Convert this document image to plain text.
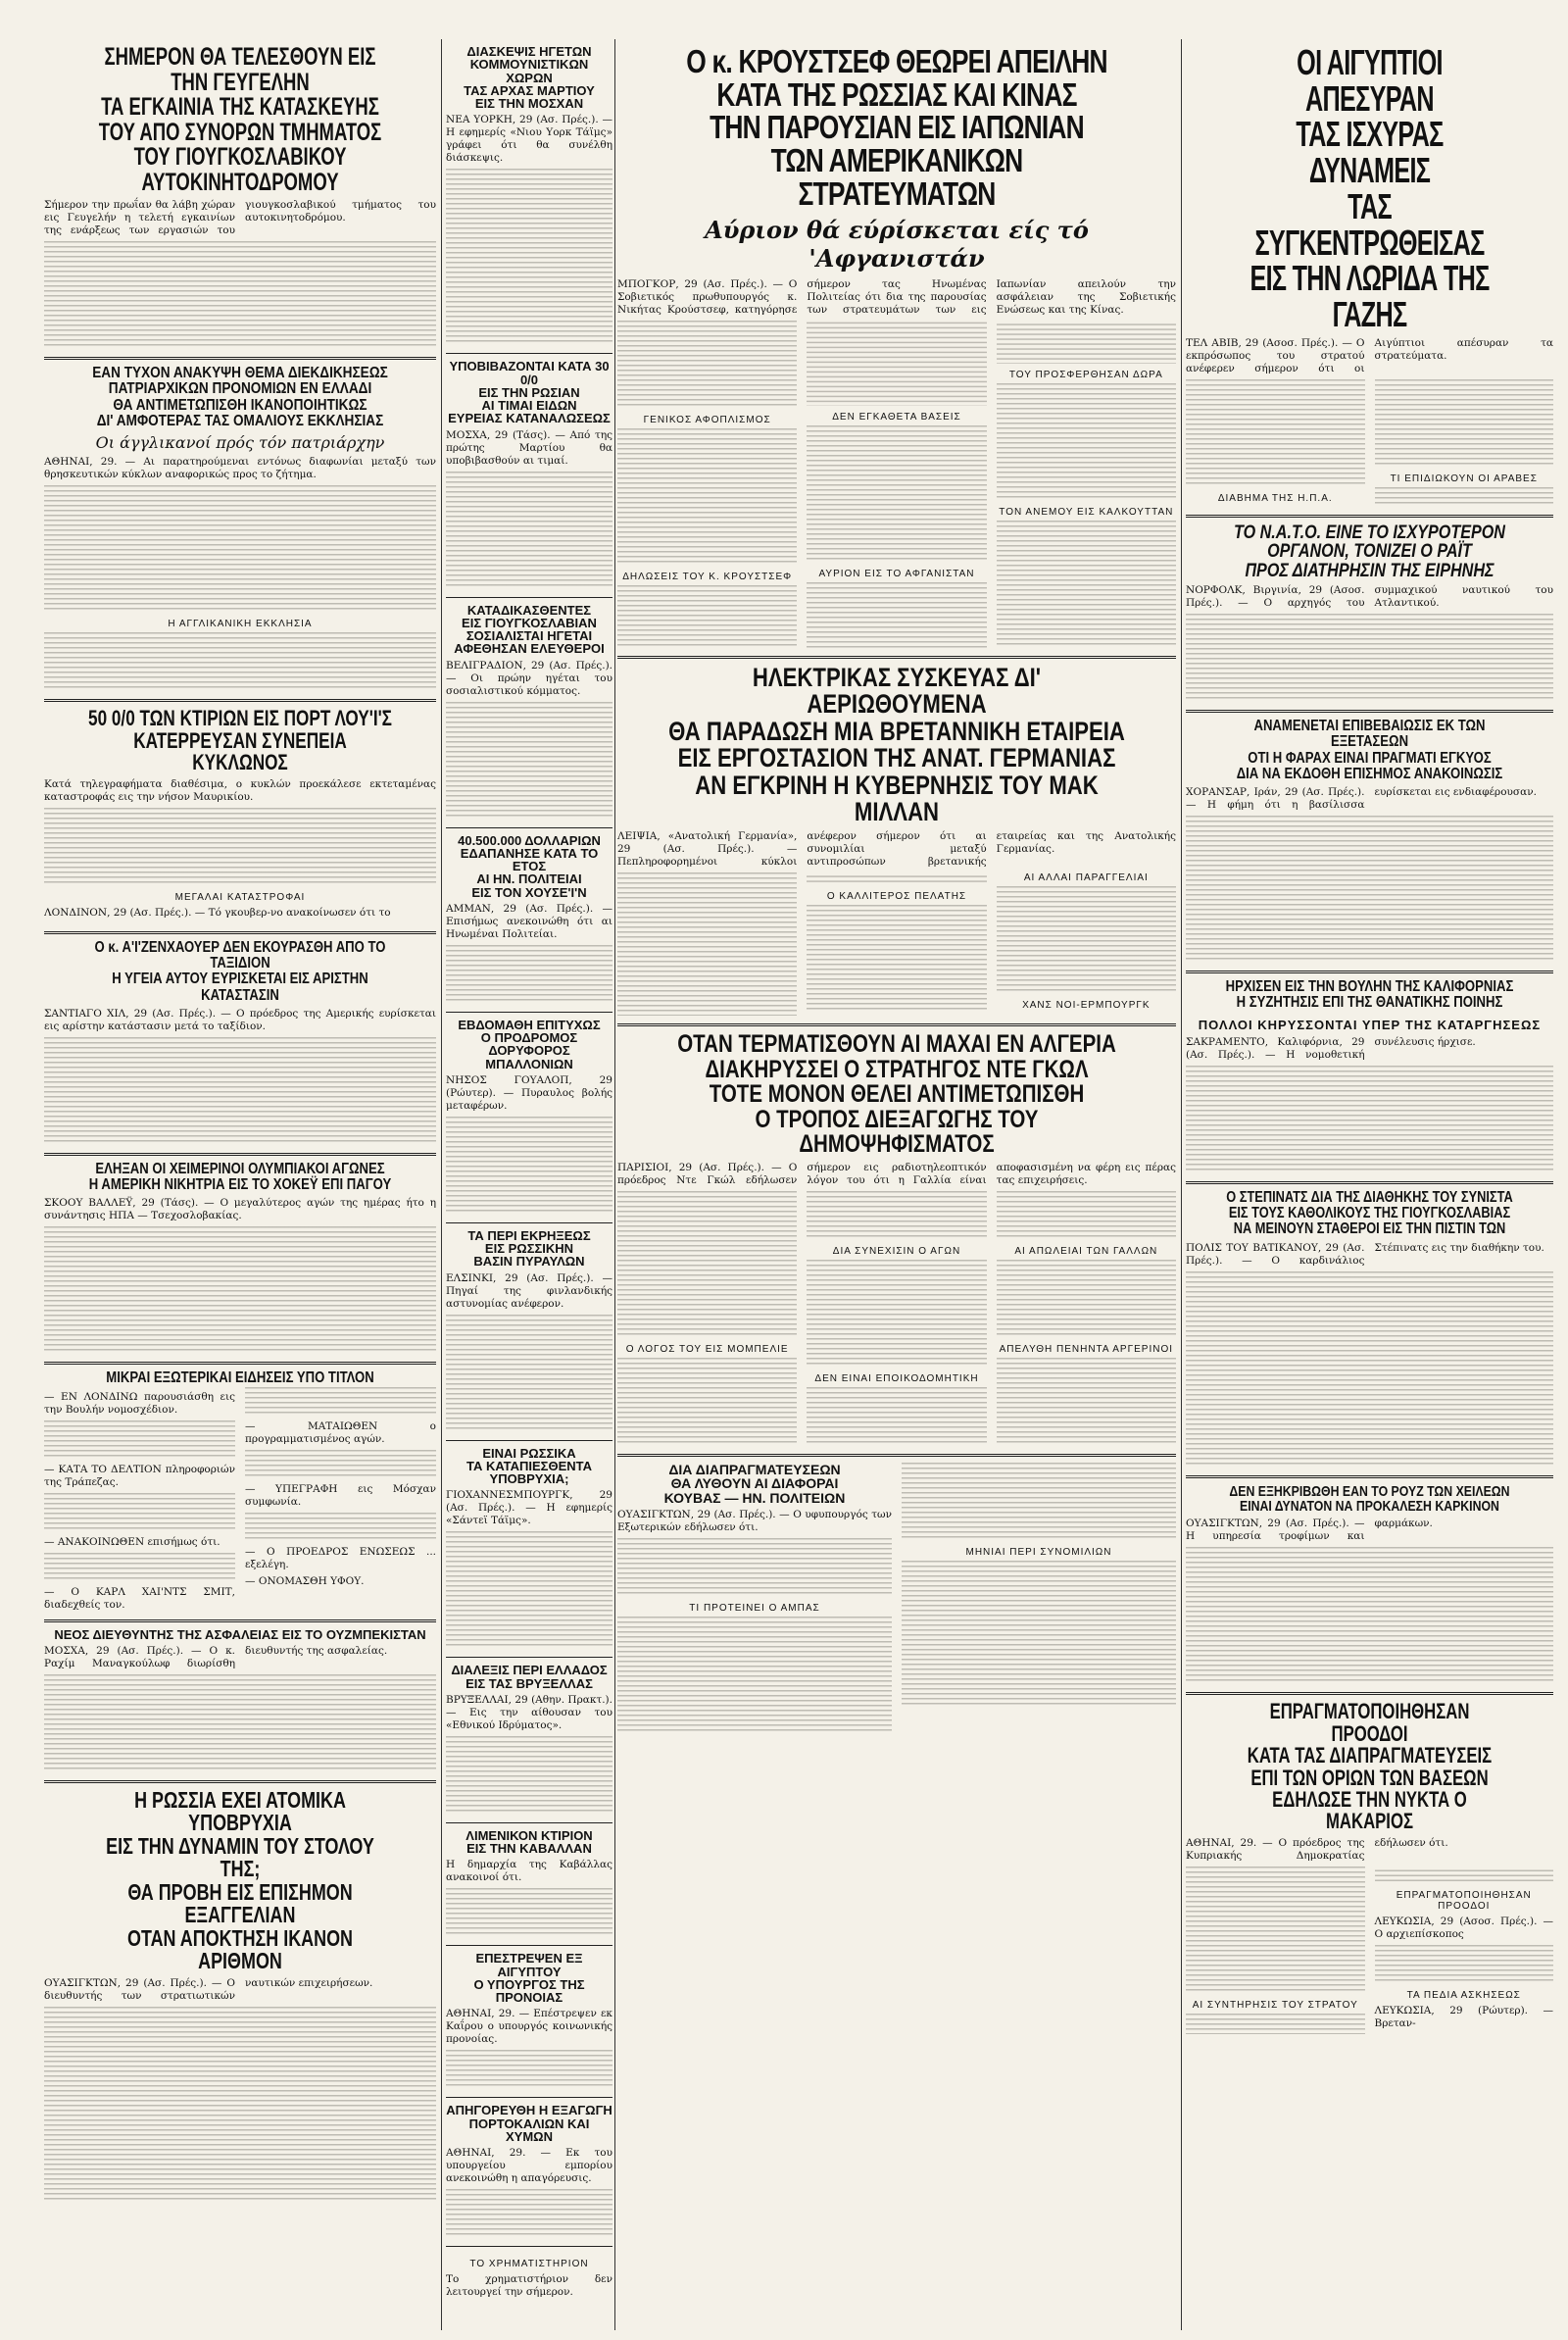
ΣΗΜΕΡΟΝ ΘΑ ΤΕΛΕΣΘΟΥΝ ΕΙΣ ΤΗΝ ΓΕΥΓΕΛΗΝ
ΤΑ ΕΓΚΑΙΝΙΑ ΤΗΣ ΚΑΤΑΣΚΕΥΗΣ
ΤΟΥ ΑΠΟ ΣΥΝΟΡΩΝ ΤΜΗΜΑΤΟΣ
ΤΟΥ ΓΙΟΥΓΚΟΣΛΑΒΙΚΟΥ ΑΥΤΟΚΙΝΗΤΟΔΡΟΜΟΥ

Σήμερον την πρωΐαν θα λάβη χώραν εις Γευγελήν η τελετή εγκαινίων της ενάρξεως των εργασιών του γιουγκοσλαβικού τμήματος του αυτοκινητοδρόμου.

ΕΑΝ ΤΥΧΟΝ ΑΝΑΚΥΨΗ ΘΕΜΑ ΔΙΕΚΔΙΚΗΣΕΩΣ
ΠΑΤΡΙΑΡΧΙΚΩΝ ΠΡΟΝΟΜΙΩΝ ΕΝ ΕΛΛΑΔΙ
ΘΑ ΑΝΤΙΜΕΤΩΠΙΣΘΗ ΙΚΑΝΟΠΟΙΗΤΙΚΩΣ
ΔΙ' ΑΜΦΟΤΕΡΑΣ ΤΑΣ ΟΜΑΛΙΟΥΣ ΕΚΚΛΗΣΙΑΣ
Οι άγγλικανοί πρός τόν πατριάρχην

ΑΘΗΝΑΙ, 29. — Αι παρατηρούμεναι εντόνως διαφωνίαι μεταξύ των θρησκευτικών κύκλων αναφορικώς προς το ζήτημα.

Η ΑΓΓΛΙΚΑΝΙΚΗ ΕΚΚΛΗΣΙΑ
50 0/0 ΤΩΝ ΚΤΙΡΙΩΝ ΕΙΣ ΠΟΡΤ ΛΟΥ'Ι'Σ
ΚΑΤΕΡΡΕΥΣΑΝ ΣΥΝΕΠΕΙΑ ΚΥΚΛΩΝΟΣ

Κατά τηλεγραφήματα διαθέσιμα, ο κυκλών προεκάλεσε εκτεταμένας καταστροφάς εις την νήσον Μαυρικίου.

ΜΕΓΑΛΑΙ ΚΑΤΑΣΤΡΟΦΑΙ

ΛΟΝΔΙΝΟΝ, 29 (Ασ. Πρές.). — Τό γκουβερ-νο ανακοίνωσεν ότι το

Ο κ. Α'Ι'ΖΕΝΧΑΟΥΕΡ ΔΕΝ ΕΚΟΥΡΑΣΘΗ ΑΠΟ ΤΟ ΤΑΞΙΔΙΟΝ
Η ΥΓΕΙΑ ΑΥΤΟΥ ΕΥΡΙΣΚΕΤΑΙ ΕΙΣ ΑΡΙΣΤΗΝ ΚΑΤΑΣΤΑΣΙΝ

ΣΑΝΤΙΑΓΟ ΧΙΛ, 29 (Ασ. Πρές.). — Ο πρόεδρος της Αμερικής ευρίσκεται εις αρίστην κατάστασιν μετά το ταξίδιον.

ΕΛΗΞΑΝ ΟΙ ΧΕΙΜΕΡΙΝΟΙ ΟΛΥΜΠΙΑΚΟΙ ΑΓΩΝΕΣ
Η ΑΜΕΡΙΚΗ ΝΙΚΗΤΡΙΑ ΕΙΣ ΤΟ ΧΟΚΕΫ ΕΠΙ ΠΑΓΟΥ

ΣΚΟΟΥ ΒΑΛΛΕΫ, 29 (Τάσς). — Ο μεγαλύτερος αγών της ημέρας ήτο η συνάντησις ΗΠΑ — Τσεχοσλοβακίας.

ΜΙΚΡΑΙ ΕΞΩΤΕΡΙΚΑΙ ΕΙΔΗΣΕΙΣ ΥΠΟ ΤΙΤΛΟΝ

— ΕΝ ΛΟΝΔΙΝΩ παρουσιάσθη εις την Βουλήν νομοσχέδιον.

— ΚΑΤΑ ΤΟ ΔΕΛΤΙΟΝ πληροφοριών της Τράπεζας.

— ΑΝΑΚΟΙΝΩΘΕΝ επισήμως ότι.

— Ο ΚΑΡΛ ΧΑΙ'ΝΤΣ ΣΜΙΤ, διαδεχθείς τον.

— ΜΑΤΑΙΩΘΕΝ ο προγραμματισμένος αγών.

— ΥΠΕΓΡΑΦΗ εις Μόσχαν συμφωνία.

— Ο ΠΡΟΕΔΡΟΣ ΕΝΩΣΕΩΣ ... εξελέγη.

— ΟΝΟΜΑΣΘΗ ΥΦΟΥ.

ΝΕΟΣ ΔΙΕΥΘΥΝΤΗΣ ΤΗΣ ΑΣΦΑΛΕΙΑΣ ΕΙΣ ΤΟ ΟΥΖΜΠΕΚΙΣΤΑΝ

ΜΟΣΧΑ, 29 (Ασ. Πρές.). — Ο κ. Ραχίμ Μαναγκούλωφ διωρίσθη διευθυντής της ασφαλείας.

Η ΡΩΣΣΙΑ ΕΧΕΙ ΑΤΟΜΙΚΑ ΥΠΟΒΡΥΧΙΑ
ΕΙΣ ΤΗΝ ΔΥΝΑΜΙΝ ΤΟΥ ΣΤΟΛΟΥ ΤΗΣ;
ΘΑ ΠΡΟΒΗ ΕΙΣ ΕΠΙΣΗΜΟΝ ΕΞΑΓΓΕΛΙΑΝ
ΟΤΑΝ ΑΠΟΚΤΗΣΗ ΙΚΑΝΟΝ ΑΡΙΘΜΟΝ

ΟΥΑΣΙΓΚΤΩΝ, 29 (Ασ. Πρές.). — Ο διευθυντής των στρατιωτικών ναυτικών επιχειρήσεων.

ΔΙΑΣΚΕΨΙΣ ΗΓΕΤΩΝ
ΚΟΜΜΟΥΝΙΣΤΙΚΩΝ ΧΩΡΩΝ
ΤΑΣ ΑΡΧΑΣ ΜΑΡΤΙΟΥ
ΕΙΣ ΤΗΝ ΜΟΣΧΑΝ

ΝΕΑ ΥΟΡΚΗ, 29 (Ασ. Πρές.). — Η εφημερίς «Νιου Υορκ Τάϊμς» γράφει ότι θα συνέλθη διάσκεψις.

ΥΠΟΒΙΒΑΖΟΝΤΑΙ ΚΑΤΑ 30 0/0
ΕΙΣ ΤΗΝ ΡΩΣΙΑΝ
ΑΙ ΤΙΜΑΙ ΕΙΔΩΝ
ΕΥΡΕΙΑΣ ΚΑΤΑΝΑΛΩΣΕΩΣ

ΜΟΣΧΑ, 29 (Τάσς). — Από της πρώτης Μαρτίου θα υποβιβασθούν αι τιμαί.

ΚΑΤΑΔΙΚΑΣΘΕΝΤΕΣ
ΕΙΣ ΓΙΟΥΓΚΟΣΛΑΒΙΑΝ
ΣΟΣΙΑΛΙΣΤΑΙ ΗΓΕΤΑΙ
ΑΦΕΘΗΣΑΝ ΕΛΕΥΘΕΡΟΙ

ΒΕΛΙΓΡΑΔΙΟΝ, 29 (Ασ. Πρές.). — Οι πρώην ηγέται του σοσιαλιστικού κόμματος.

40.500.000 ΔΟΛΛΑΡΙΩΝ
ΕΔΑΠΑΝΗΣΕ ΚΑΤΑ ΤΟ ΕΤΟΣ
ΑΙ ΗΝ. ΠΟΛΙΤΕΙΑΙ
ΕΙΣ ΤΟΝ ΧΟΥΣΕ'Ι'Ν

ΑΜΜΑΝ, 29 (Ασ. Πρές.). — Επισήμως ανεκοινώθη ότι αι Ηνωμέναι Πολιτείαι.

ΕΒΔΟΜΑΘΗ ΕΠΙΤΥΧΩΣ
Ο ΠΡΟΔΡΟΜΟΣ
ΔΟΡΥΦΟΡΟΣ ΜΠΑΛΛΟΝΙΩΝ

ΝΗΣΟΣ ΓΟΥΑΛΟΠ, 29 (Ρώυτερ). — Πυραυλος βολής μεταφέρων.

ΤΑ ΠΕΡΙ ΕΚΡΗΞΕΩΣ
ΕΙΣ ΡΩΣΣΙΚΗΝ
ΒΑΣΙΝ ΠΥΡΑΥΛΩΝ

ΕΛΣΙΝΚΙ, 29 (Ασ. Πρές.). — Πηγαί της φινλανδικής αστυνομίας ανέφερον.

ΕΙΝΑΙ ΡΩΣΣΙΚΑ
ΤΑ ΚΑΤΑΠΙΕΣΘΕΝΤΑ
ΥΠΟΒΡΥΧΙΑ;

ΓΙΟΧΑΝΝΕΣΜΠΟΥΡΓΚ, 29 (Ασ. Πρές.). — Η εφημερίς «Σάντεϊ Τάϊμς».

ΔΙΑΛΕΞΙΣ ΠΕΡΙ ΕΛΛΑΔΟΣ
ΕΙΣ ΤΑΣ ΒΡΥΞΕΛΛΑΣ

ΒΡΥΞΕΛΛΑΙ, 29 (Αθην. Πρακτ.). — Εις την αίθουσαν του «Εθνικού Ιδρύματος».

ΛΙΜΕΝΙΚΟΝ ΚΤΙΡΙΟΝ
ΕΙΣ ΤΗΝ ΚΑΒΑΛΛΑΝ

Η δημαρχία της Καβάλλας ανακοινοί ότι.

ΕΠΕΣΤΡΕΨΕΝ ΕΞ ΑΙΓΥΠΤΟΥ
Ο ΥΠΟΥΡΓΟΣ ΤΗΣ ΠΡΟΝΟΙΑΣ

ΑΘΗΝΑΙ, 29. — Επέστρεψεν εκ Καΐρου ο υπουργός κοινωνικής προνοίας.

ΑΠΗΓΟΡΕΥΘΗ Η ΕΞΑΓΩΓΗ
ΠΟΡΤΟΚΑΛΙΩΝ ΚΑΙ ΧΥΜΩΝ

ΑΘΗΝΑΙ, 29. — Εκ του υπουργείου εμπορίου ανεκοινώθη η απαγόρευσις.

ΤΟ ΧΡΗΜΑΤΙΣΤΗΡΙΟΝ

Το χρηματιστήριον δεν λειτουργεί την σήμερον.

Ο κ. ΚΡΟΥΣΤΣΕΦ ΘΕΩΡΕΙ ΑΠΕΙΛΗΝ
ΚΑΤΑ ΤΗΣ ΡΩΣΣΙΑΣ ΚΑΙ ΚΙΝΑΣ
ΤΗΝ ΠΑΡΟΥΣΙΑΝ ΕΙΣ ΙΑΠΩΝΙΑΝ
ΤΩΝ ΑΜΕΡΙΚΑΝΙΚΩΝ ΣΤΡΑΤΕΥΜΑΤΩΝ
Αύριον θά εύρίσκεται είς τό 'Αφγανιστάν

ΜΠΟΓΚΟΡ, 29 (Ασ. Πρές.). — Ο Σοβιετικός πρωθυπουργός κ. Νικήτας Κρούστσεφ, κατηγόρησε σήμερον τας Ηνωμένας Πολιτείας ότι δια της παρουσίας των στρατευμάτων των εις Ιαπωνίαν απειλούν την ασφάλειαν της Σοβιετικής Ενώσεως και της Κίνας.

ΓΕΝΙΚΟΣ ΑΦΟΠΛΙΣΜΟΣ
ΔΗΛΩΣΕΙΣ ΤΟΥ Κ. ΚΡΟΥΣΤΣΕΦ
ΔΕΝ ΕΓΚΑΘΕΤΑ ΒΑΣΕΙΣ
ΑΥΡΙΟΝ ΕΙΣ ΤΟ ΑΦΓΑΝΙΣΤΑΝ
ΤΟΥ ΠΡΟΣΦΕΡΘΗΣΑΝ ΔΩΡΑ
ΤΟΝ ΑΝΕΜΟΥ ΕΙΣ ΚΑΛΚΟΥΤΤΑΝ
ΗΛΕΚΤΡΙΚΑΣ ΣΥΣΚΕΥΑΣ ΔΙ' ΑΕΡΙΩΘΟΥΜΕΝΑ
ΘΑ ΠΑΡΑΔΩΣΗ ΜΙΑ ΒΡΕΤΑΝΝΙΚΗ ΕΤΑΙΡΕΙΑ
ΕΙΣ ΕΡΓΟΣΤΑΣΙΟΝ ΤΗΣ ΑΝΑΤ. ΓΕΡΜΑΝΙΑΣ
ΑΝ ΕΓΚΡΙΝΗ Η ΚΥΒΕΡΝΗΣΙΣ ΤΟΥ ΜΑΚ ΜΙΛΛΑΝ

ΛΕΙΨΙΑ, «Ανατολική Γερμανία», 29 (Ασ. Πρές.). — Πεπληροφορημένοι κύκλοι ανέφερον σήμερον ότι αι συνομιλίαι μεταξύ αντιπροσώπων βρετανικής εταιρείας και της Ανατολικής Γερμανίας.

Ο ΚΑΛΛΙΤΕΡΟΣ ΠΕΛΑΤΗΣ
ΑΙ ΑΛΛΑΙ ΠΑΡΑΓΓΕΛΙΑΙ
ΧΑΝΣ ΝΟΙ-ΕΡΜΠΟΥΡΓΚ
ΟΤΑΝ ΤΕΡΜΑΤΙΣΘΟΥΝ ΑΙ ΜΑΧΑΙ ΕΝ ΑΛΓΕΡΙΑ
ΔΙΑΚΗΡΥΣΣΕΙ Ο ΣΤΡΑΤΗΓΟΣ ΝΤΕ ΓΚΩΛ
ΤΟΤΕ ΜΟΝΟΝ ΘΕΛΕΙ ΑΝΤΙΜΕΤΩΠΙΣΘΗ
Ο ΤΡΟΠΟΣ ΔΙΕΞΑΓΩΓΗΣ ΤΟΥ ΔΗΜΟΨΗΦΙΣΜΑΤΟΣ

ΠΑΡΙΣΙΟΙ, 29 (Ασ. Πρές.). — Ο πρόεδρος Ντε Γκώλ εδήλωσεν σήμερον εις ραδιοτηλεοπτικόν λόγον του ότι η Γαλλία είναι αποφασισμένη να φέρη εις πέρας τας επιχειρήσεις.

Ο ΛΟΓΟΣ ΤΟΥ ΕΙΣ ΜΟΜΠΕΛΙΕ
ΔΙΑ ΣΥΝΕΧΙΣΙΝ Ο ΑΓΩΝ
ΔΕΝ ΕΙΝΑΙ ΕΠΟΙΚΟΔΟΜΗΤΙΚΗ
ΑΙ ΑΠΩΛΕΙΑΙ ΤΩΝ ΓΑΛΛΩΝ
ΑΠΕΛΥΘΗ ΠΕΝΗΝΤΑ ΑΡΓΕΡΙΝΟΙ
ΔΙΑ ΔΙΑΠΡΑΓΜΑΤΕΥΣΕΩΝ
ΘΑ ΛΥΘΟΥΝ ΑΙ ΔΙΑΦΟΡΑΙ
ΚΟΥΒΑΣ — ΗΝ. ΠΟΛΙΤΕΙΩΝ

ΟΥΑΣΙΓΚΤΩΝ, 29 (Ασ. Πρές.). — Ο υφυπουργός των Εξωτερικών εδήλωσεν ότι.

ΤΙ ΠΡΟΤΕΙΝΕΙ Ο ΑΜΠΑΣ
ΜΗΝΙΑΙ ΠΕΡΙ ΣΥΝΟΜΙΛΙΩΝ
ΟΙ ΑΙΓΥΠΤΙΟΙ ΑΠΕΣΥΡΑΝ
ΤΑΣ ΙΣΧΥΡΑΣ ΔΥΝΑΜΕΙΣ
ΤΑΣ ΣΥΓΚΕΝΤΡΩΘΕΙΣΑΣ
ΕΙΣ ΤΗΝ ΛΩΡΙΔΑ ΤΗΣ ΓΑΖΗΣ

ΤΕΛ ΑΒΙΒ, 29 (Ασοσ. Πρές.). — Ο εκπρόσωπος του στρατού ανέφερεν σήμερον ότι οι Αιγύπτιοι απέσυραν τα στρατεύματα.

ΔΙΑΒΗΜΑ ΤΗΣ Η.Π.Α.
ΤΙ ΕΠΙΔΙΩΚΟΥΝ ΟΙ ΑΡΑΒΕΣ
ΤΟ Ν.Α.Τ.Ο. ΕΙΝΕ ΤΟ ΙΣΧΥΡΟΤΕΡΟΝ
ΟΡΓΑΝΟΝ, ΤΟΝΙΖΕΙ Ο ΡΑΪΤ
ΠΡΟΣ ΔΙΑΤΗΡΗΣΙΝ ΤΗΣ ΕΙΡΗΝΗΣ

ΝΟΡΦΟΛΚ, Βιργινία, 29 (Ασοσ. Πρές.). — Ο αρχηγός του συμμαχικού ναυτικού του Ατλαντικού.

ΑΝΑΜΕΝΕΤΑΙ ΕΠΙΒΕΒΑΙΩΣΙΣ ΕΚ ΤΩΝ ΕΞΕΤΑΣΕΩΝ
ΟΤΙ Η ΦΑΡΑΧ ΕΙΝΑΙ ΠΡΑΓΜΑΤΙ ΕΓΚΥΟΣ
ΔΙΑ ΝΑ ΕΚΔΟΘΗ ΕΠΙΣΗΜΟΣ ΑΝΑΚΟΙΝΩΣΙΣ

ΧΟΡΑΝΣΑΡ, Ιράν, 29 (Ασ. Πρές.). — Η φήμη ότι η βασίλισσα ευρίσκεται εις ενδιαφέρουσαν.

ΗΡΧΙΣΕΝ ΕΙΣ ΤΗΝ ΒΟΥΛΗΝ ΤΗΣ ΚΑΛΙΦΟΡΝΙΑΣ
Η ΣΥΖΗΤΗΣΙΣ ΕΠΙ ΤΗΣ ΘΑΝΑΤΙΚΗΣ ΠΟΙΝΗΣ
ΠΟΛΛΟΙ ΚΗΡΥΣΣΟΝΤΑΙ ΥΠΕΡ ΤΗΣ ΚΑΤΑΡΓΗΣΕΩΣ

ΣΑΚΡΑΜΕΝΤΟ, Καλιφόρνια, 29 (Ασ. Πρές.). — Η νομοθετική συνέλευσις ήρχισε.

Ο ΣΤΕΠΙΝΑΤΣ ΔΙΑ ΤΗΣ ΔΙΑΘΗΚΗΣ ΤΟΥ ΣΥΝΙΣΤΑ
ΕΙΣ ΤΟΥΣ ΚΑΘΟΛΙΚΟΥΣ ΤΗΣ ΓΙΟΥΓΚΟΣΛΑΒΙΑΣ
ΝΑ ΜΕΙΝΟΥΝ ΣΤΑΘΕΡΟΙ ΕΙΣ ΤΗΝ ΠΙΣΤΙΝ ΤΩΝ

ΠΟΛΙΣ ΤΟΥ ΒΑΤΙΚΑΝΟΥ, 29 (Ασ. Πρές.). — Ο καρδινάλιος Στέπινατς εις την διαθήκην του.

ΔΕΝ ΕΞΗΚΡΙΒΩΘΗ ΕΑΝ ΤΟ ΡΟΥΖ ΤΩΝ ΧΕΙΛΕΩΝ
ΕΙΝΑΙ ΔΥΝΑΤΟΝ ΝΑ ΠΡΟΚΑΛΕΣΗ ΚΑΡΚΙΝΟΝ

ΟΥΑΣΙΓΚΤΩΝ, 29 (Ασ. Πρές.). — Η υπηρεσία τροφίμων και φαρμάκων.

ΕΠΡΑΓΜΑΤΟΠΟΙΗΘΗΣΑΝ ΠΡΟΟΔΟΙ
ΚΑΤΑ ΤΑΣ ΔΙΑΠΡΑΓΜΑΤΕΥΣΕΙΣ
ΕΠΙ ΤΩΝ ΟΡΙΩΝ ΤΩΝ ΒΑΣΕΩΝ
ΕΔΗΛΩΣΕ ΤΗΝ ΝΥΚΤΑ Ο ΜΑΚΑΡΙΟΣ

ΑΘΗΝΑΙ, 29. — Ο πρόεδρος της Κυπριακής Δημοκρατίας εδήλωσεν ότι.

ΑΙ ΣΥΝΤΗΡΗΣΙΣ ΤΟΥ ΣΤΡΑΤΟΥ
ΕΠΡΑΓΜΑΤΟΠΟΙΗΘΗΣΑΝ ΠΡΟΟΔΟΙ

ΛΕΥΚΩΣΙΑ, 29 (Ασοσ. Πρές.). — Ο αρχιεπίσκοπος

ΤΑ ΠΕΔΙΑ ΑΣΚΗΣΕΩΣ

ΛΕΥΚΩΣΙΑ, 29 (Ρώυτερ). — Βρεταν-
